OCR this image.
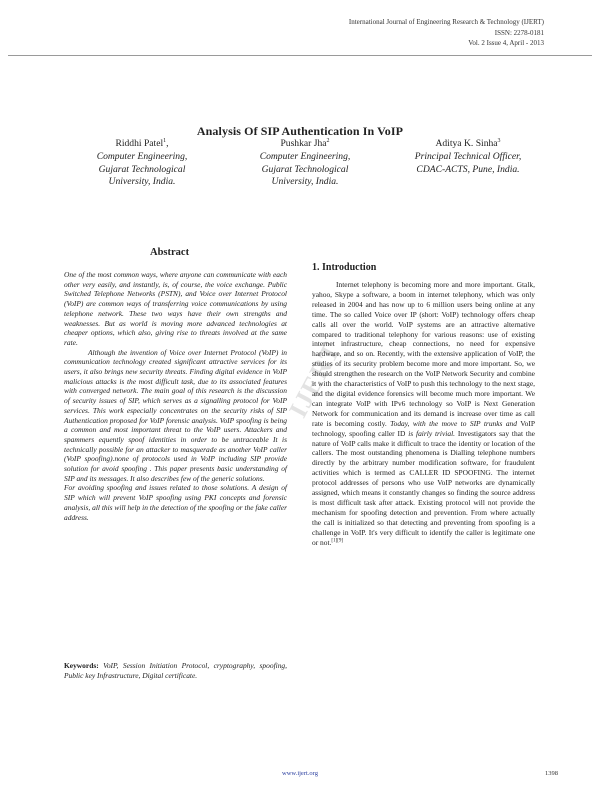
International Journal of Engineering Research & Technology (IJERT)
ISSN: 2278-0181
Vol. 2 Issue 4, April - 2013
IJERT
Analysis Of SIP Authentication In VoIP
Riddhi Patel$^1$,
Computer Engineering,
Gujarat Technological
University, India.
Pushkar Jha$^2$
Computer Engineering,
Gujarat Technological
University, India.
Aditya K. Sinha$^3$
Principal Technical Officer,
CDAC-ACTS, Pune, India.
Abstract

One of the most common ways, where anyone can communicate with each other very easily, and instantly, is, of course, the voice exchange. Public Switched Telephone Networks (PSTN), and Voice over Internet Protocol (VoIP) are common ways of transferring voice communications by using telephone network. These two ways have their own strengths and weaknesses. But as world is moving more advanced technologies at cheaper options, which also, giving rise to threats involved at the same rate.

Although the invention of Voice over Internet Protocol (VoIP) in communication technology created significant attractive services for its users, it also brings new security threats. Finding digital evidence in VoIP malicious attacks is the most difficult task, due to its associated features with converged network. The main goal of this research is the discussion of security issues of SIP, which serves as a signalling protocol for VoIP services. This work especially concentrates on the security risks of SIP Authentication proposed for VoIP forensic analysis. VoIP spoofing is being a common and most important threat to the VoIP users. Attackers and spammers equently spoof identities in order to be untraceable It is technically possible for an attacker to masquerade as another VoIP caller (VoIP spoofing).none of protocols used in VoIP including SIP provide solution for avoid spoofing . This paper presents basic understanding of SIP and its messages. It also describes few of the generic solutions.

For avoiding spoofing and issues related to those solutions. A design of SIP which will prevent VoIP spoofing using PKI concepts and forensic analysis, all this will help in the detection of the spoofing or the fake caller address.

Keywords: VoIP, Session Initiation Protocol, cryptography, spoofing, Public key Infrastructure, Digital certificate.
1. Introduction

Internet telephony is becoming more and more important. Gtalk, yahoo, Skype a software, a boom in internet telephony, which was only released in 2004 and has now up to 6 million users being online at any time. The so called Voice over IP (short: VoIP) technology offers cheap calls all over the world. VoIP systems are an attractive alternative compared to traditional telephony for various reasons: use of existing internet infrastructure, cheap connections, no need for expensive hardware, and so on. Recently, with the extensive application of VoIP, the studies of its security problem become more and more important. So, we should strengthen the research on the VoIP Network Security and combine it with the characteristics of VoIP to push this technology to the next stage, and the digital evidence forensics will become much more important. We can integrate VoIP with IPv6 technology so VoIP is Next Generation Network for communication and its demand is increase over time as call rate is becoming costly. Today, with the move to SIP trunks and VoIP technology, spoofing caller ID is fairly trivial. Investigators say that the nature of VoIP calls make it difficult to trace the identity or location of the callers. The most outstanding phenomena is Dialling telephone numbers directly by the arbitrary number modification software, for fraudulent activities which is termed as CALLER ID SPOOFING. The internet protocol addresses of persons who use VoIP networks are dynamically assigned, which means it constantly changes so finding the source address is most difficult task after attack. Existing protocol will not provide the mechanism for spoofing detection and prevention. From where actually the call is initialized so that detecting and preventing from spoofing is a challenge in VoIP. It's very difficult to identify the caller is legitimate one or not.[1][9]

www.ijert.org	1398
